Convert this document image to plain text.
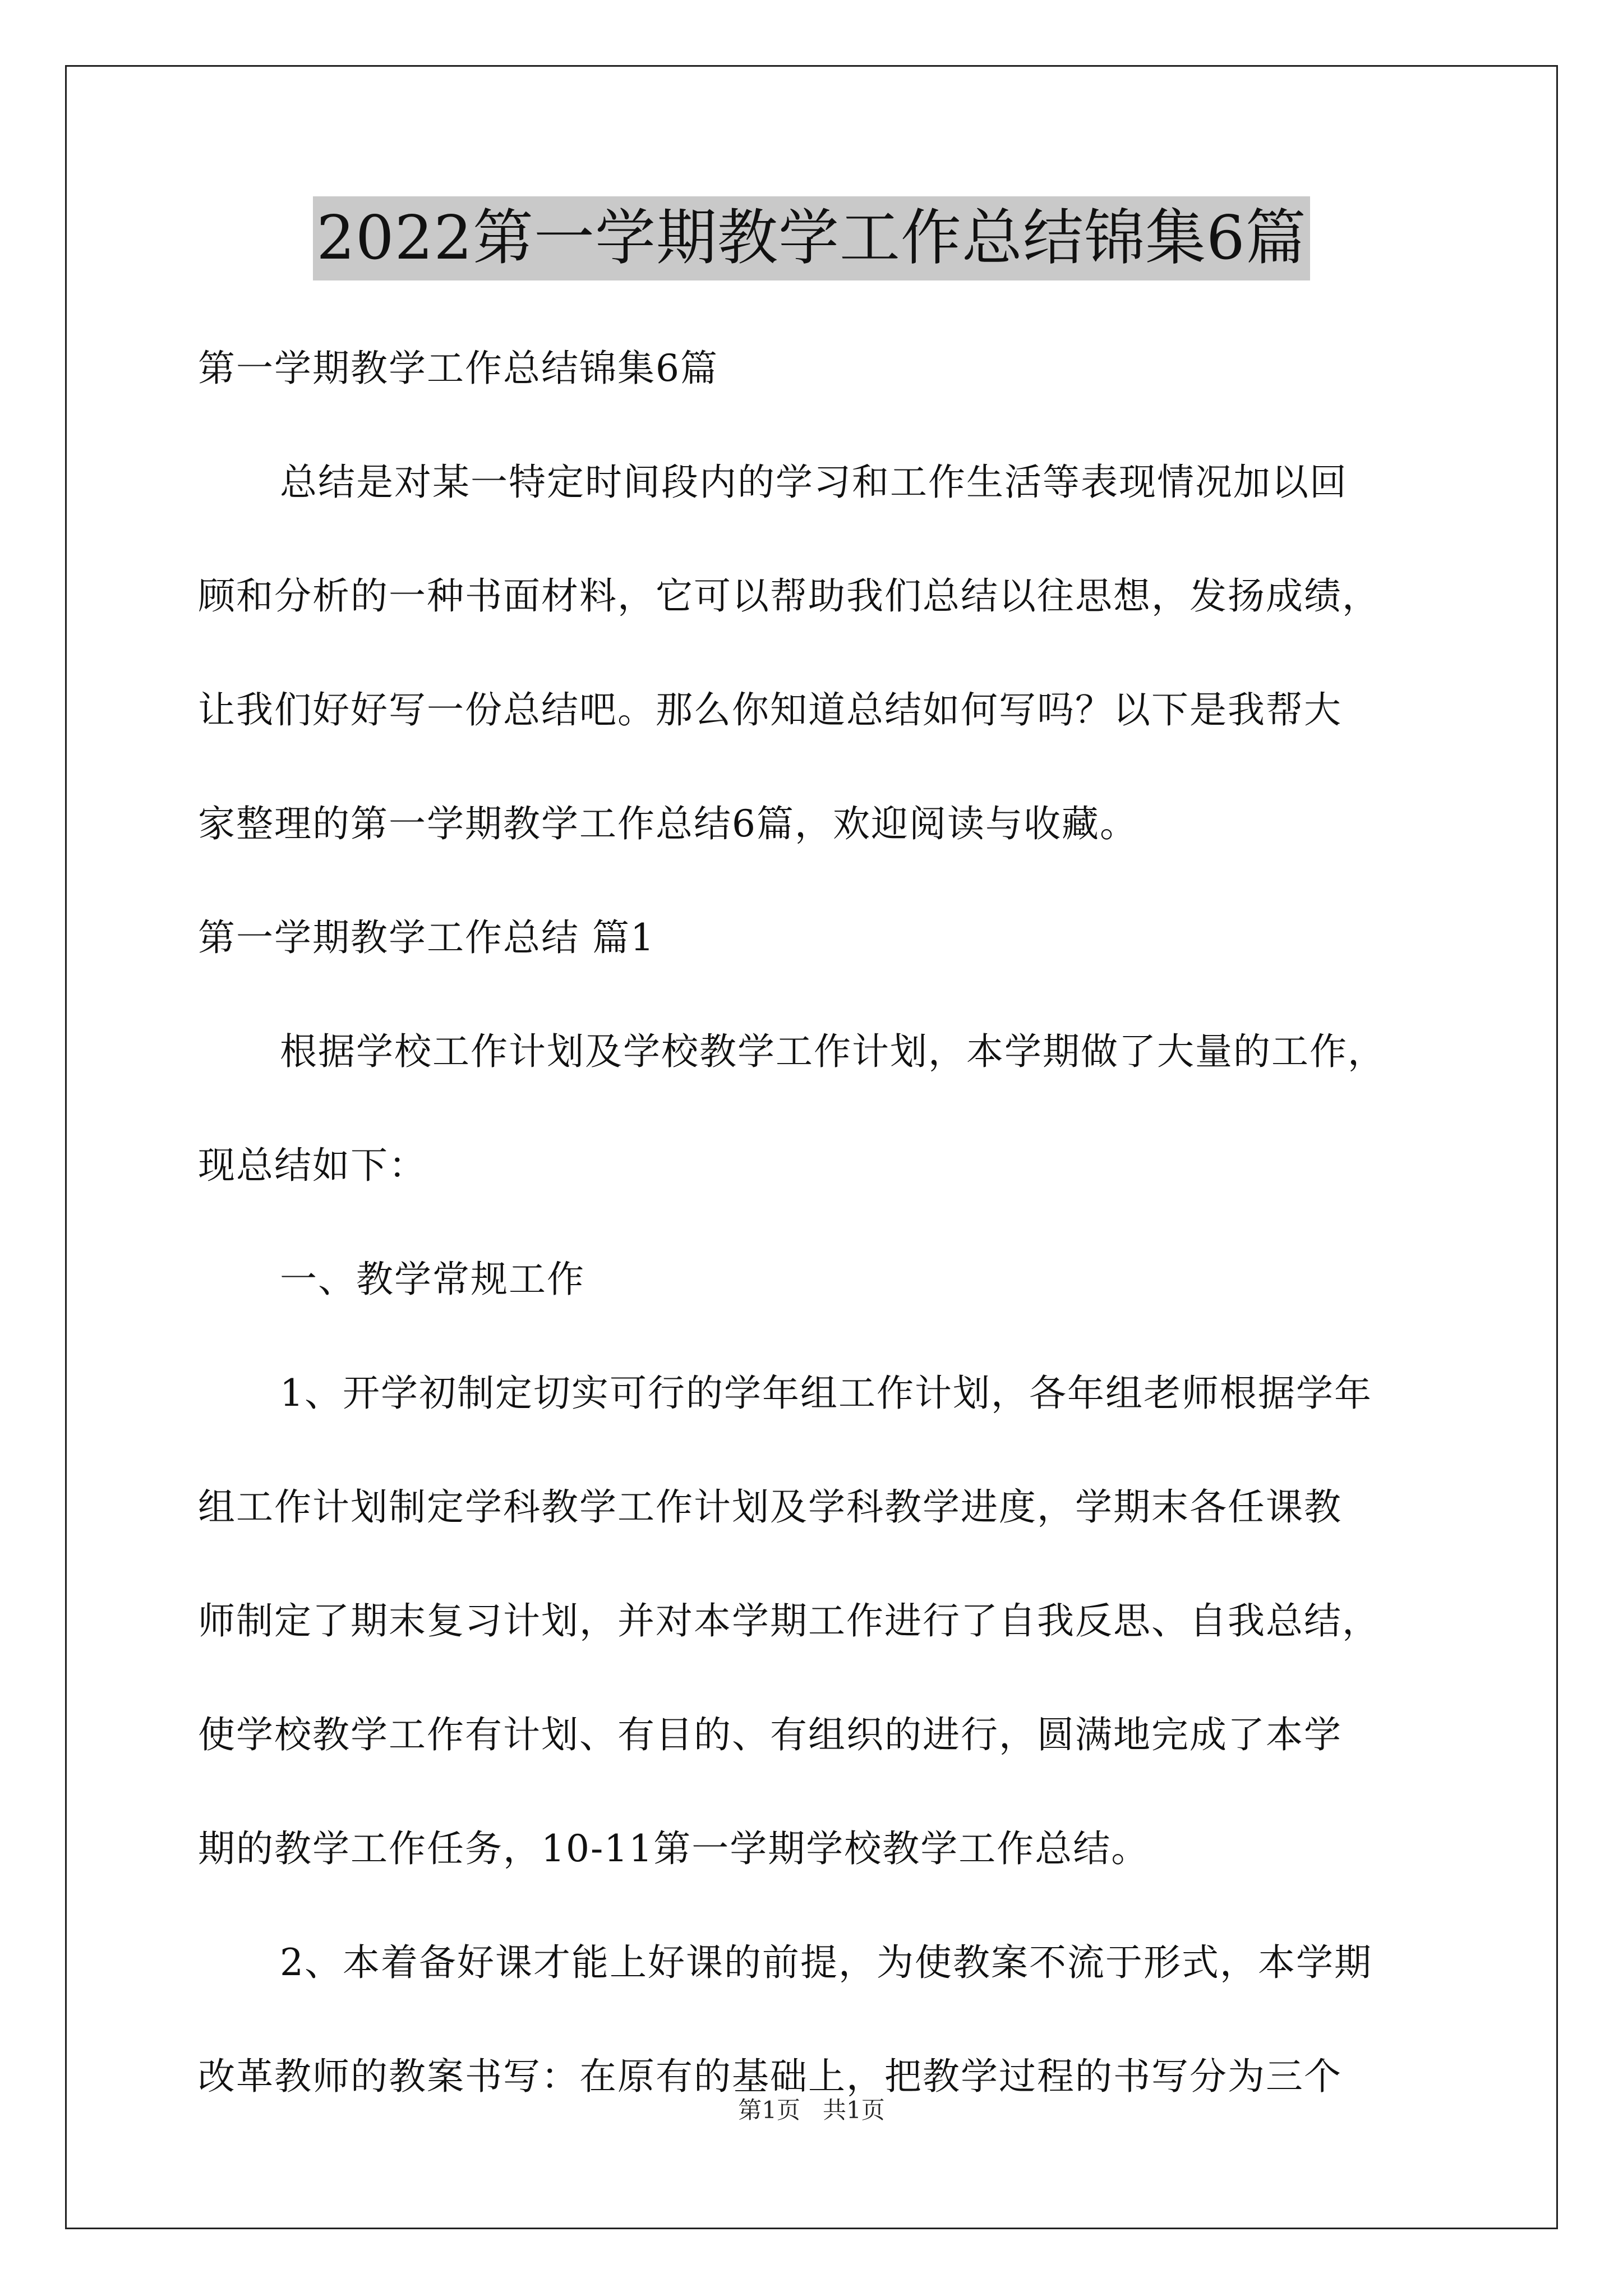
2022第一学期教学工作总结锦集6篇
第一学期教学工作总结锦集6篇
总结是对某一特定时间段内的学习和工作生活等表现情况加以回
顾和分析的一种书面材料，它可以帮助我们总结以往思想，发扬成绩，
让我们好好写一份总结吧。那么你知道总结如何写吗？以下是我帮大
家整理的第一学期教学工作总结6篇，欢迎阅读与收藏。
第一学期教学工作总结 篇1
根据学校工作计划及学校教学工作计划，本学期做了大量的工作，
现总结如下：
一、教学常规工作
1、开学初制定切实可行的学年组工作计划，各年组老师根据学年
组工作计划制定学科教学工作计划及学科教学进度，学期末各任课教
师制定了期末复习计划，并对本学期工作进行了自我反思、自我总结，
使学校教学工作有计划、有目的、有组织的进行，圆满地完成了本学
期的教学工作任务，10-11第一学期学校教学工作总结。
2、本着备好课才能上好课的前提，为使教案不流于形式，本学期
改革教师的教案书写：在原有的基础上，把教学过程的书写分为三个
第1页 共1页
